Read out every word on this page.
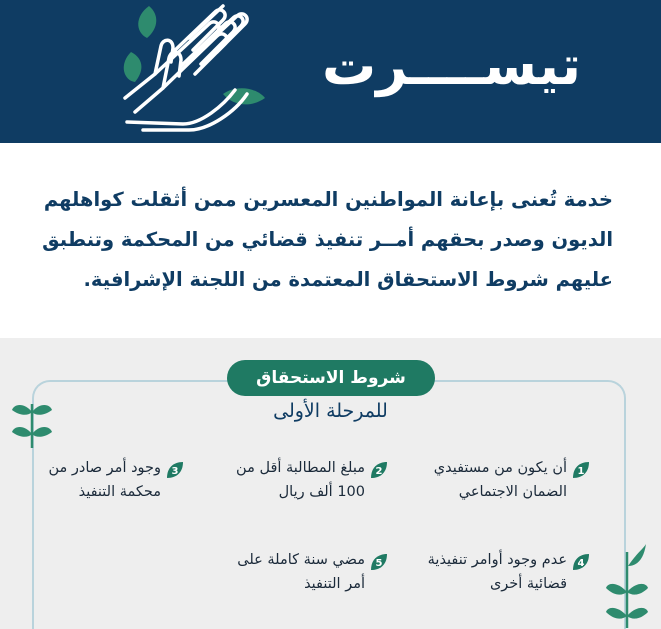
تيســــرت
خدمة تُعنى بإعانة المواطنين المعسرين ممن أثقلت كواهلهم
الديون وصدر بحقهم أمــر تنفيذ قضائي من المحكمة وتنطبق
عليهم شروط الاستحقاق المعتمدة من اللجنة الإشرافية.
شروط الاستحقاق
للمرحلة الأولى
1
أن يكون من مستفيدي
الضمان الاجتماعي
2
مبلغ المطالبة أقل من
100 ألف ريال
3
وجود أمر صادر من
محكمة التنفيذ
4
عدم وجود أوامر تنفيذية
قضائية أخرى
5
مضي سنة كاملة على
أمر التنفيذ
